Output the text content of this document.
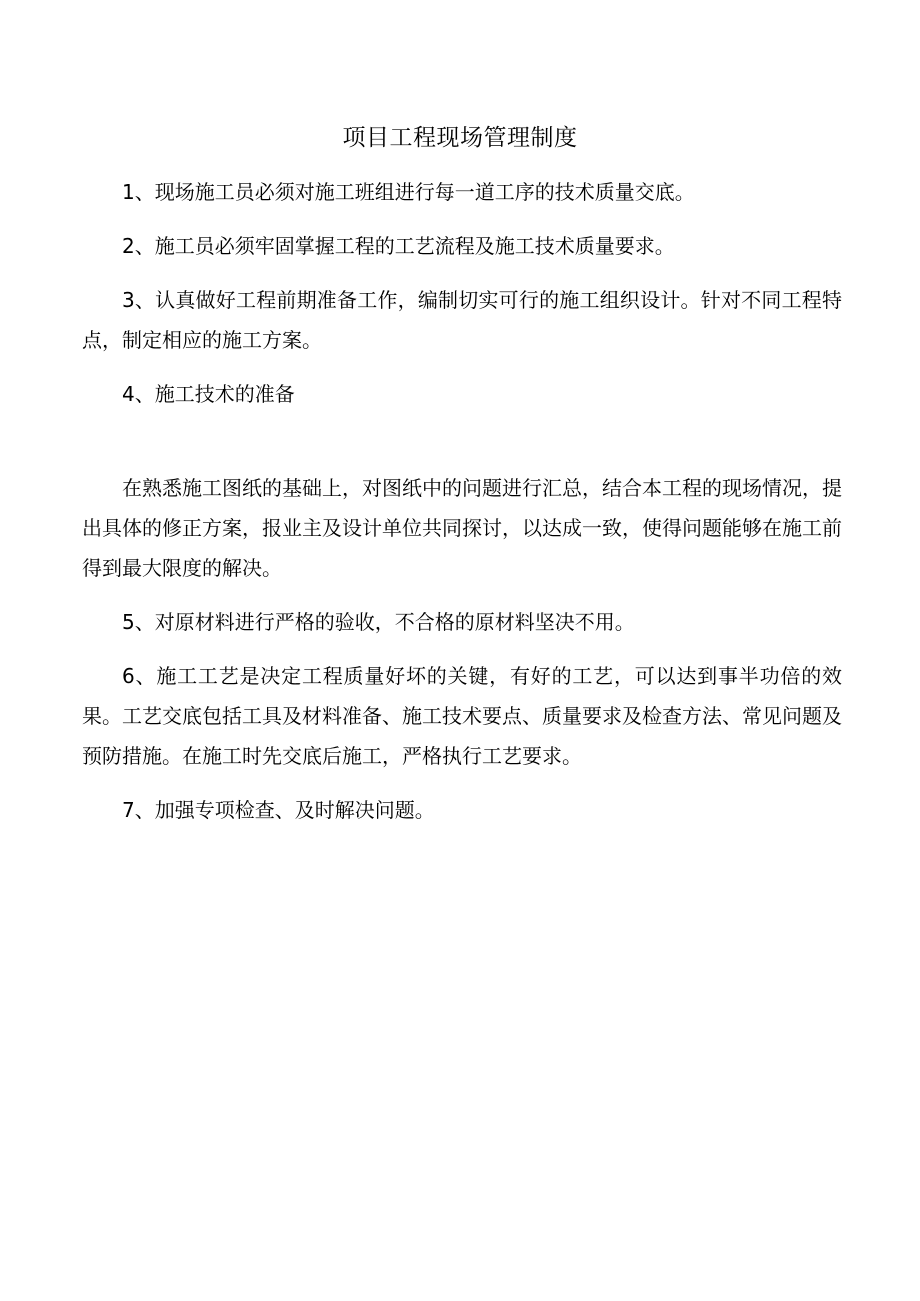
项目工程现场管理制度

1、现场施工员必须对施工班组进行每一道工序的技术质量交底。

2、施工员必须牢固掌握工程的工艺流程及施工技术质量要求。

3、认真做好工程前期准备工作，编制切实可行的施工组织设计。针对不同工程特点，制定相应的施工方案。

4、施工技术的准备

在熟悉施工图纸的基础上，对图纸中的问题进行汇总，结合本工程的现场情况，提出具体的修正方案，报业主及设计单位共同探讨，以达成一致，使得问题能够在施工前得到最大限度的解决。

5、对原材料进行严格的验收，不合格的原材料坚决不用。

6、施工工艺是决定工程质量好坏的关键，有好的工艺，可以达到事半功倍的效果。工艺交底包括工具及材料准备、施工技术要点、质量要求及检查方法、常见问题及预防措施。在施工时先交底后施工，严格执行工艺要求。

7、加强专项检查、及时解决问题。
